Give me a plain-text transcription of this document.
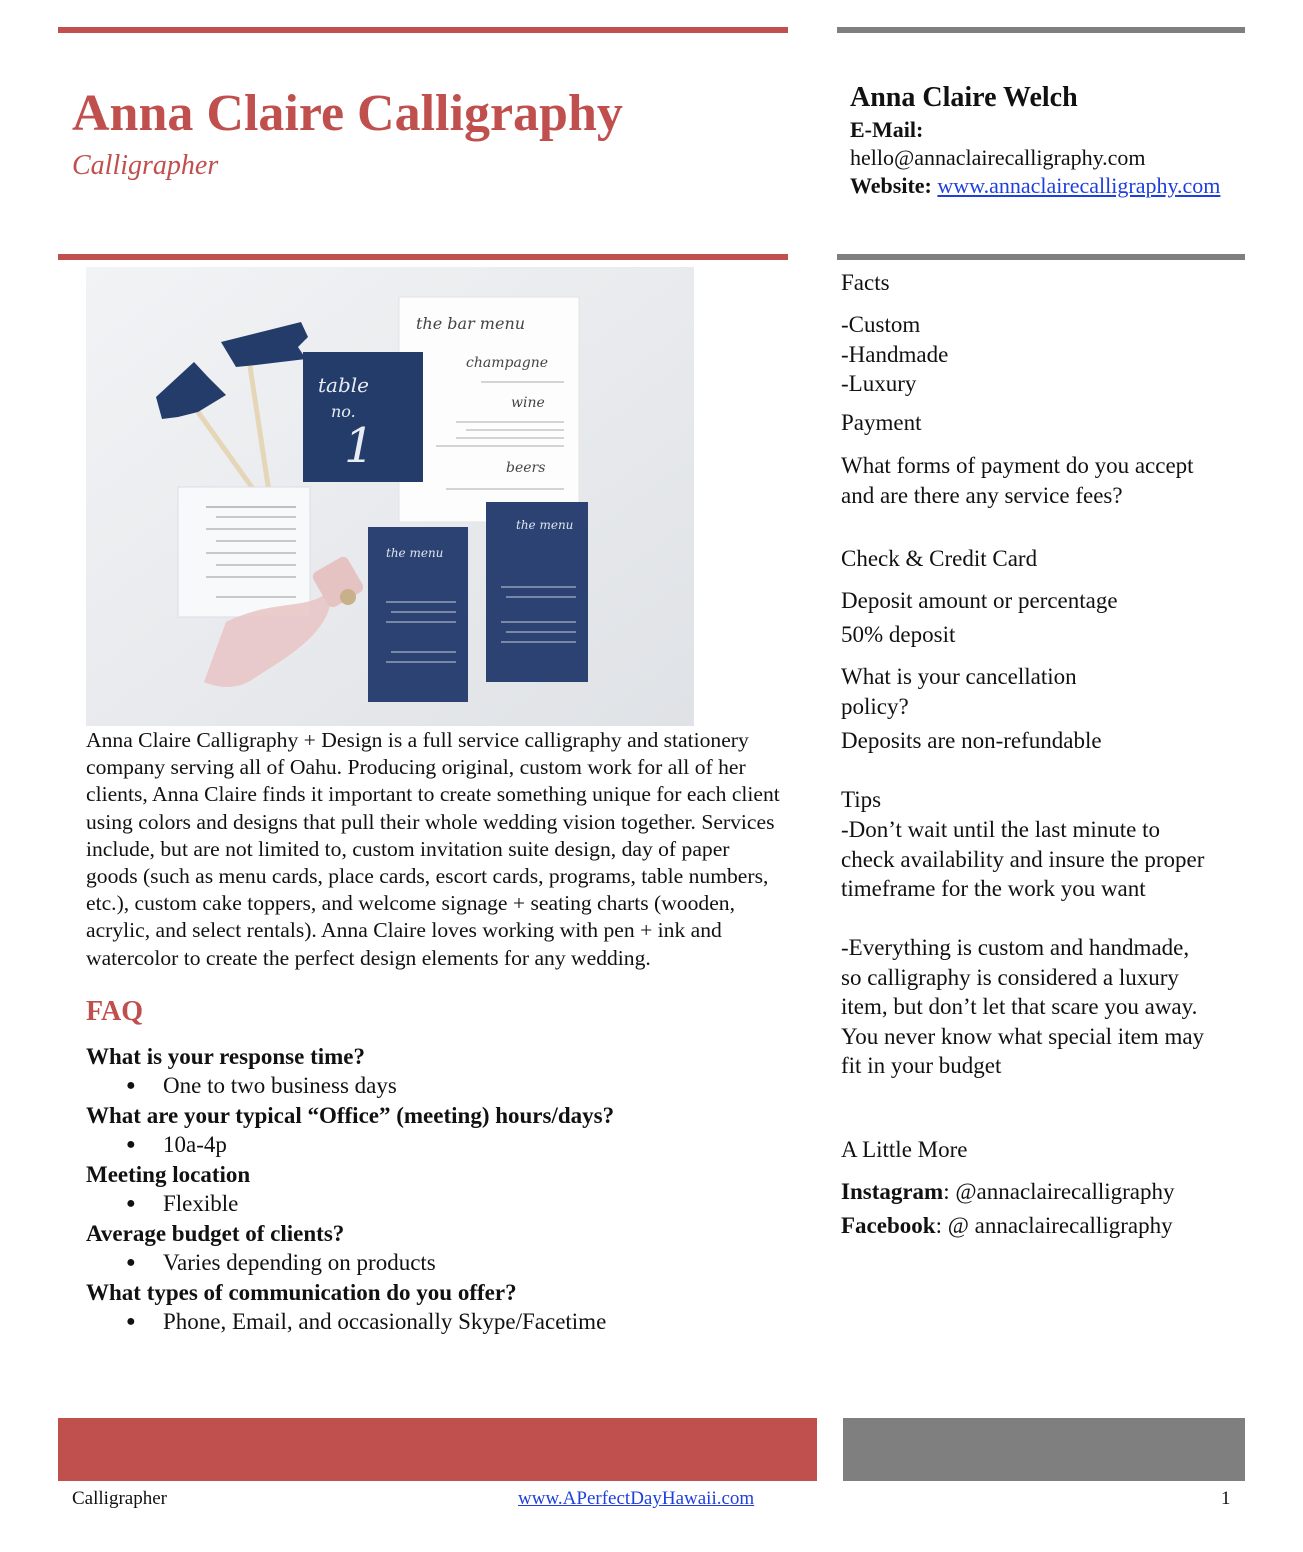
Anna Claire Calligraphy
Calligrapher
Anna Claire Welch
E-Mail:
hello@annaclairecalligraphy.com
Website: www.annaclairecalligraphy.com
the bar menu
champagne
wine
beers
table
no.
1
the menu
the menu
Anna Claire Calligraphy + Design is a full service calligraphy and stationery company serving all of Oahu. Producing original, custom work for all of her clients, Anna Claire finds it important to create something unique for each client using colors and designs that pull their whole wedding vision together. Services include, but are not limited to, custom invitation suite design, day of paper goods (such as menu cards, place cards, escort cards, programs, table numbers, etc.), custom cake toppers, and welcome signage + seating charts (wooden, acrylic, and select rentals). Anna Claire loves working with pen + ink and watercolor to create the perfect design elements for any wedding.
FAQ
What is your response time?
● One to two business days
What are your typical “Office” (meeting) hours/days?
● 10a-4p
Meeting location
● Flexible
Average budget of clients?
● Varies depending on products
What types of communication do you offer?
● Phone, Email, and occasionally Skype/Facetime
Facts
-Custom
-Handmade
-Luxury
Payment
What forms of payment do you accept and are there any service fees?
Check & Credit Card
Deposit amount or percentage
50% deposit
What is your cancellation policy?
Deposits are non-refundable
Tips
-Don’t wait until the last minute to check availability and insure the proper timeframe for the work you want
-Everything is custom and handmade, so calligraphy is considered a luxury item, but don’t let that scare you away. You never know what special item may fit in your budget
A Little More
Instagram: @annaclairecalligraphy
Facebook: @ annaclairecalligraphy
Calligrapher	www.APerfectDayHawaii.com	1
